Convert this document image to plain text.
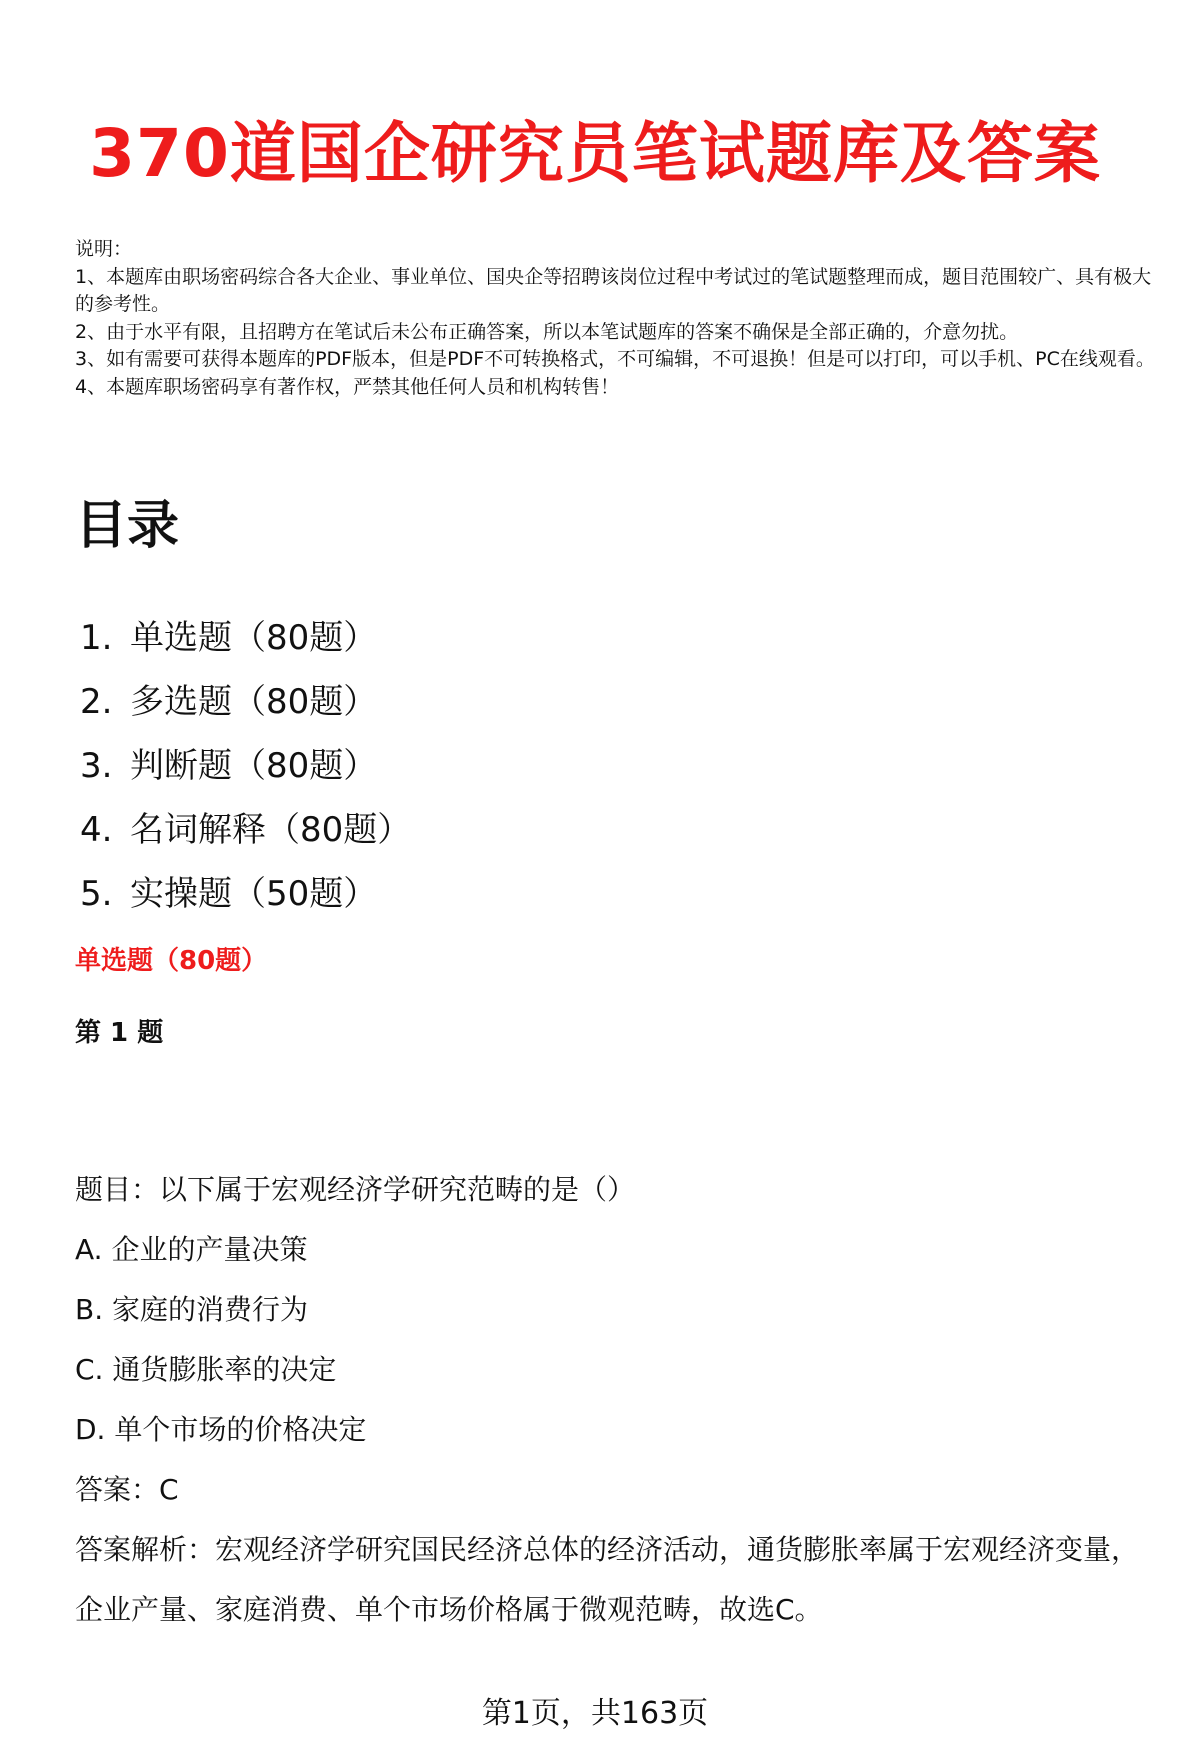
370道国企研究员笔试题库及答案

说明：

1、本题库由职场密码综合各大企业、事业单位、国央企等招聘该岗位过程中考试过的笔试题整理而成，题目范围较广、具有极大的参考性。

2、由于水平有限，且招聘方在笔试后未公布正确答案，所以本笔试题库的答案不确保是全部正确的，介意勿扰。

3、如有需要可获得本题库的PDF版本，但是PDF不可转换格式，不可编辑，不可退换！但是可以打印，可以手机、PC在线观看。

4、本题库职场密码享有著作权，严禁其他任何人员和机构转售！

目录
1. 单选题（80题）
2. 多选题（80题）
3. 判断题（80题）
4. 名词解释（80题）
5. 实操题（50题）
单选题（80题）
第 1 题

题目：以下属于宏观经济学研究范畴的是（）

A. 企业的产量决策

B. 家庭的消费行为

C. 通货膨胀率的决定

D. 单个市场的价格决定

答案：C

答案解析：宏观经济学研究国民经济总体的经济活动，通货膨胀率属于宏观经济变量，企业产量、家庭消费、单个市场价格属于微观范畴，故选C。

第1页，共163页
